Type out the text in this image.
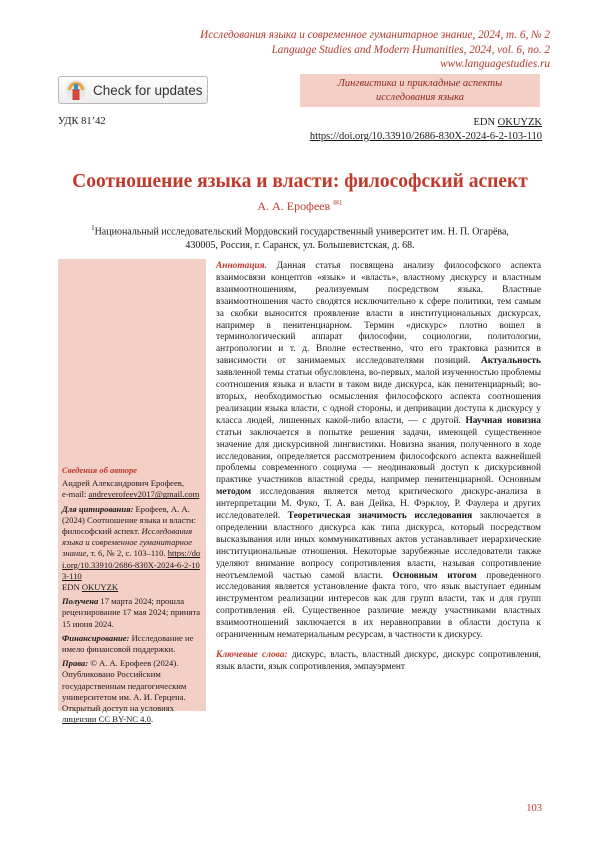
Исследования языка и современное гуманитарное знание, 2024, т. 6, № 2
Language Studies and Modern Humanities, 2024, vol. 6, no. 2
www.languagestudies.ru
Check for updates	Лингвистика и прикладные аспекты
исследования языка
УДК 81’42	EDN OKUYZK
https://doi.org/10.33910/2686-830X-2024-6-2-103-110
Соотношение языка и власти: философский аспект
А. А. Ерофеев $^{✉1}$
$^1$Национальный исследовательский Мордовский государственный университет им. Н. П. Огарёва,
430005, Россия, г. Саранск, ул. Большевистская, д. 68.

Сведения об авторе

Андрей Александрович Ерофеев,

e-mail: andreyerofeev2017@gmail.com

Для цитирования: Ерофеев, А. А. (2024) Соотношение языка и власти: философский аспект. Исследования языка и современное гуманитарное знание, т. 6, № 2, с. 103–110. https://doi.org/10.33910/2686-830X-2024-6-2-103-110
EDN OKUYZK

Получена 17 марта 2024; прошла рецензирование 17 мая 2024; принята 15 июня 2024.

Финансирование: Исследование не имело финансовой поддержки.

Права: © А. А. Ерофеев (2024). Опубликовано Российским государственным педагогическим университетом им. А. И. Герцена. Открытый доступ на условиях лицензии CC BY-NC 4.0.

Аннотация. Данная статья посвящена анализу философского аспекта взаимосвязи концептов «язык» и «власть», властному дискурсу и властным взаимоотношениям, реализуемым посредством языка. Властные взаимоотношения часто сводятся исключительно к сфере политики, тем самым за скобки выносится проявление власти в институциональных дискурсах, например в пенитенциарном. Термин «дискурс» плотно вошел в терминологический аппарат философии, социологии, политологии, антропологии и т. д. Вполне естественно, что его трактовка разнится в зависимости от занимаемых исследователями позиций. Актуальность заявленной темы статьи обусловлена, во-первых, малой изученностью проблемы соотношения языка и власти в таком виде дискурса, как пенитенциарный; во-вторых, необходимостью осмысления философского аспекта соотношения реализации языка власти, с одной стороны, и депривации доступа к дискурсу у класса людей, лишенных какой-либо власти, — с другой. Научная новизна статьи заключается в попытке решения задачи, имеющей существенное значение для дискурсивной лингвистики. Новизна знания, полученного в ходе исследования, определяется рассмотрением философского аспекта важнейшей проблемы современного социума — неодинаковый доступ к дискурсивной практике участников властной среды, например пенитенциарной. Основным методом исследования является метод критического дискурс-анализа в интерпретации М. Фуко, Т. А. ван Дейка, Н. Фэрклоу, Р. Фаулера и других исследователей. Теоретическая значимость исследования заключается в определении властного дискурса как типа дискурса, который посредством высказывания или иных коммуникативных актов устанавливает иерархические институциональные отношения. Некоторые зарубежные исследователи также уделяют внимание вопросу сопротивления власти, называя сопротивление неотъемлемой частью самой власти. Основным итогом проведенного исследования является установление факта того, что язык выступает единым инструментом реализации интересов как для групп власти, так и для групп сопротивления ей. Существенное различие между участниками властных взаимоотношений заключается в их неравноправии в области доступа к ограниченным нематериальным ресурсам, в частности к дискурсу.

Ключевые слова: дискурс, власть, властный дискурс, дискурс сопротивления, язык власти, язык сопротивления, эмпауэрмент

103
